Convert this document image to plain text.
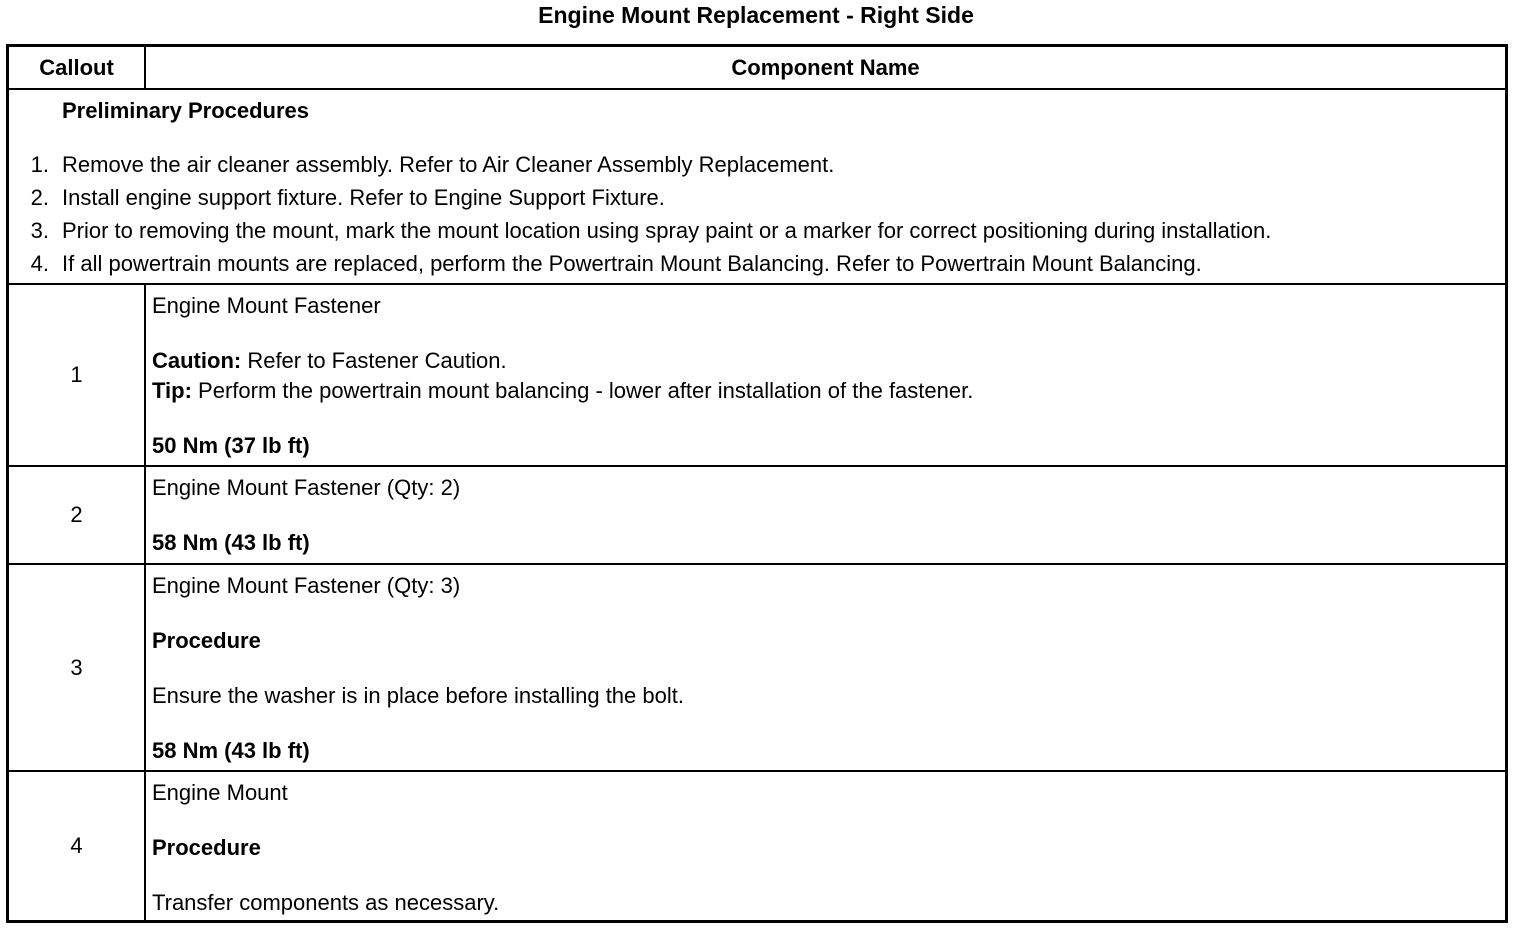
Engine Mount Replacement - Right Side
Callout	Component Name
Preliminary Procedures
1. Remove the air cleaner assembly. Refer to Air Cleaner Assembly Replacement.
2. Install engine support fixture. Refer to Engine Support Fixture.
3. Prior to removing the mount, mark the mount location using spray paint or a marker for correct positioning during installation.
4. If all powertrain mounts are replaced, perform the Powertrain Mount Balancing. Refer to Powertrain Mount Balancing.
1
Engine Mount Fastener
Caution: Refer to Fastener Caution.
Tip: Perform the powertrain mount balancing - lower after installation of the fastener.
50 Nm (37 lb ft)
2
Engine Mount Fastener (Qty: 2)
58 Nm (43 lb ft)
3
Engine Mount Fastener (Qty: 3)
Procedure
Ensure the washer is in place before installing the bolt.
58 Nm (43 lb ft)
4
Engine Mount
Procedure
Transfer components as necessary.
